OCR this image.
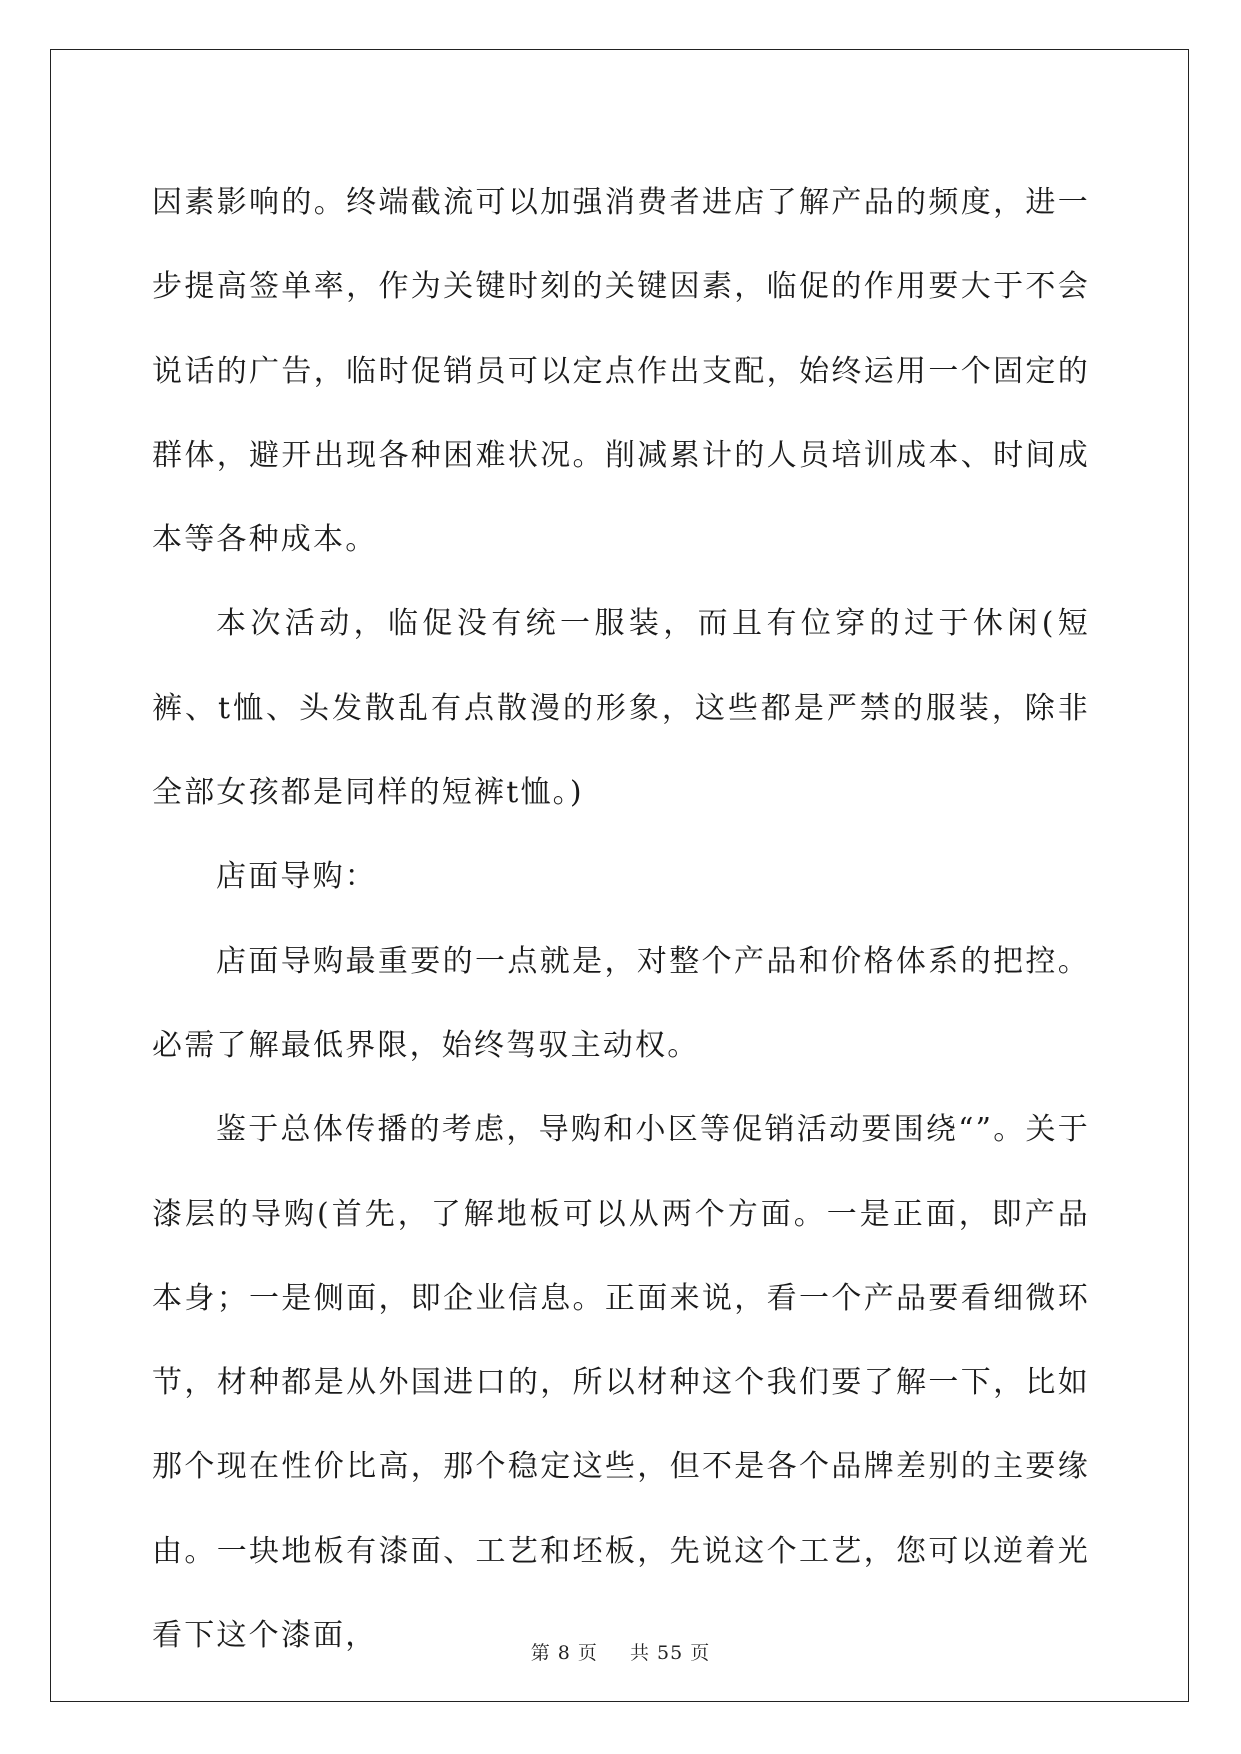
因素影响的。终端截流可以加强消费者进店了解产品的频度，进一步提高签单率，作为关键时刻的关键因素，临促的作用要大于不会说话的广告，临时促销员可以定点作出支配，始终运用一个固定的群体，避开出现各种困难状况。削减累计的人员培训成本、时间成本等各种成本。

本次活动，临促没有统一服装，而且有位穿的过于休闲(短裤、t恤、头发散乱有点散漫的形象，这些都是严禁的服装，除非全部女孩都是同样的短裤t恤。)

店面导购：

店面导购最重要的一点就是，对整个产品和价格体系的把控。必需了解最低界限，始终驾驭主动权。

鉴于总体传播的考虑，导购和小区等促销活动要围绕“”。关于漆层的导购(首先，了解地板可以从两个方面。一是正面，即产品本身；一是侧面，即企业信息。正面来说，看一个产品要看细微环节，材种都是从外国进口的，所以材种这个我们要了解一下，比如那个现在性价比高，那个稳定这些，但不是各个品牌差别的主要缘由。一块地板有漆面、工艺和坯板，先说这个工艺，您可以逆着光看下这个漆面，	第 8 页 共 55 页
